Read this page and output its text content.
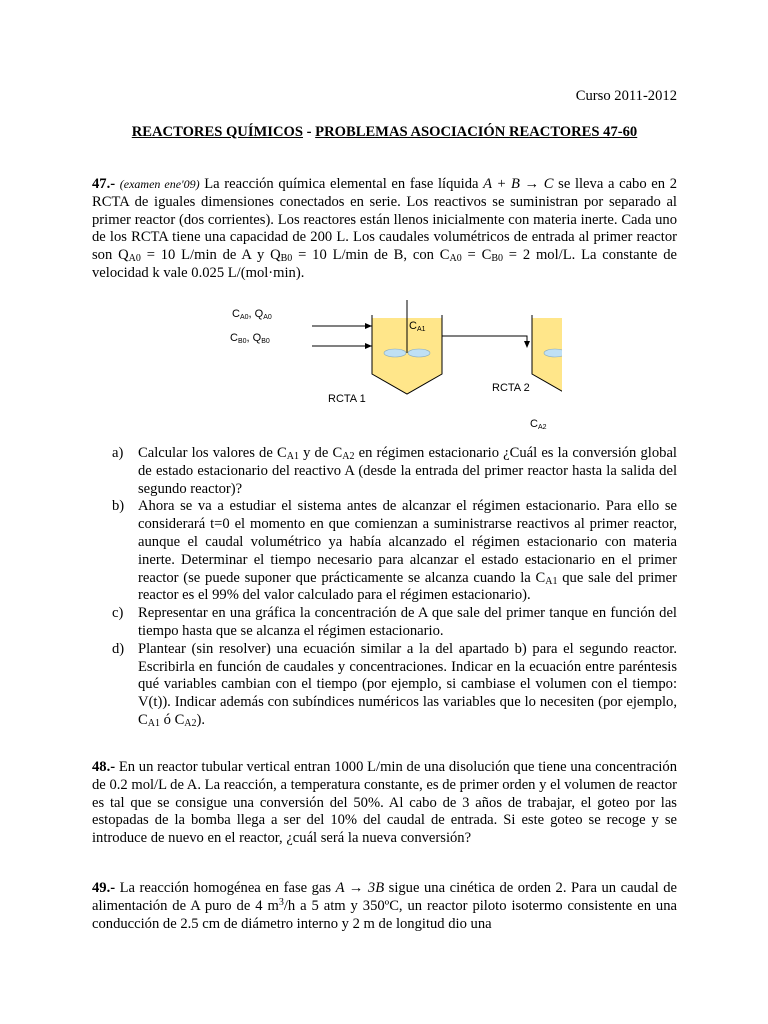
Curso 2011-2012
REACTORES QUÍMICOS - PROBLEMAS ASOCIACIÓN REACTORES 47-60

47.- (examen ene'09) La reacción química elemental en fase líquida A + B → C se lleva a cabo en 2 RCTA de iguales dimensiones conectados en serie. Los reactivos se suministran por separado al primer reactor (dos corrientes). Los reactores están llenos inicialmente con materia inerte. Cada uno de los RCTA tiene una capacidad de 200 L. Los caudales volumétricos de entrada al primer reactor son $Q_{A0} = 10$ L/min de A y $Q_{B0} = 10$ L/min de B, con $C_{A0} = C_{B0} = 2$ mol/L. La constante de velocidad k vale 0.025 L/(mol·min).

CA0, QA0
CB0, QB0
CA1
CA2
RCTA 1
RCTA 2
a) Calcular los valores de $C_{A1}$ y de $C_{A2}$ en régimen estacionario ¿Cuál es la conversión global de estado estacionario del reactivo A (desde la entrada del primer reactor hasta la salida del segundo reactor)?
b) Ahora se va a estudiar el sistema antes de alcanzar el régimen estacionario. Para ello se considerará t=0 el momento en que comienzan a suministrarse reactivos al primer reactor, aunque el caudal volumétrico ya había alcanzado el régimen estacionario con materia inerte. Determinar el tiempo necesario para alcanzar el estado estacionario en el primer reactor (se puede suponer que prácticamente se alcanza cuando la $C_{A1}$ que sale del primer reactor es el 99% del valor calculado para el régimen estacionario).
c) Representar en una gráfica la concentración de A que sale del primer tanque en función del tiempo hasta que se alcanza el régimen estacionario.
d) Plantear (sin resolver) una ecuación similar a la del apartado b) para el segundo reactor. Escribirla en función de caudales y concentraciones. Indicar en la ecuación entre paréntesis qué variables cambian con el tiempo (por ejemplo, si cambiase el volumen con el tiempo: V(t)). Indicar además con subíndices numéricos las variables que lo necesiten (por ejemplo, $C_{A1}$ ó $C_{A2}$).

48.- En un reactor tubular vertical entran 1000 L/min de una disolución que tiene una concentración de 0.2 mol/L de A. La reacción, a temperatura constante, es de primer orden y el volumen de reactor es tal que se consigue una conversión del 50%. Al cabo de 3 años de trabajar, el goteo por las estopadas de la bomba llega a ser del 10% del caudal de entrada. Si este goteo se recoge y se introduce de nuevo en el reactor, ¿cuál será la nueva conversión?

49.- La reacción homogénea en fase gas A → 3B sigue una cinética de orden 2. Para un caudal de alimentación de A puro de 4 $m^3/h$ a 5 atm y 350ºC, un reactor piloto isotermo consistente en una conducción de 2.5 cm de diámetro interno y 2 m de longitud dio una
